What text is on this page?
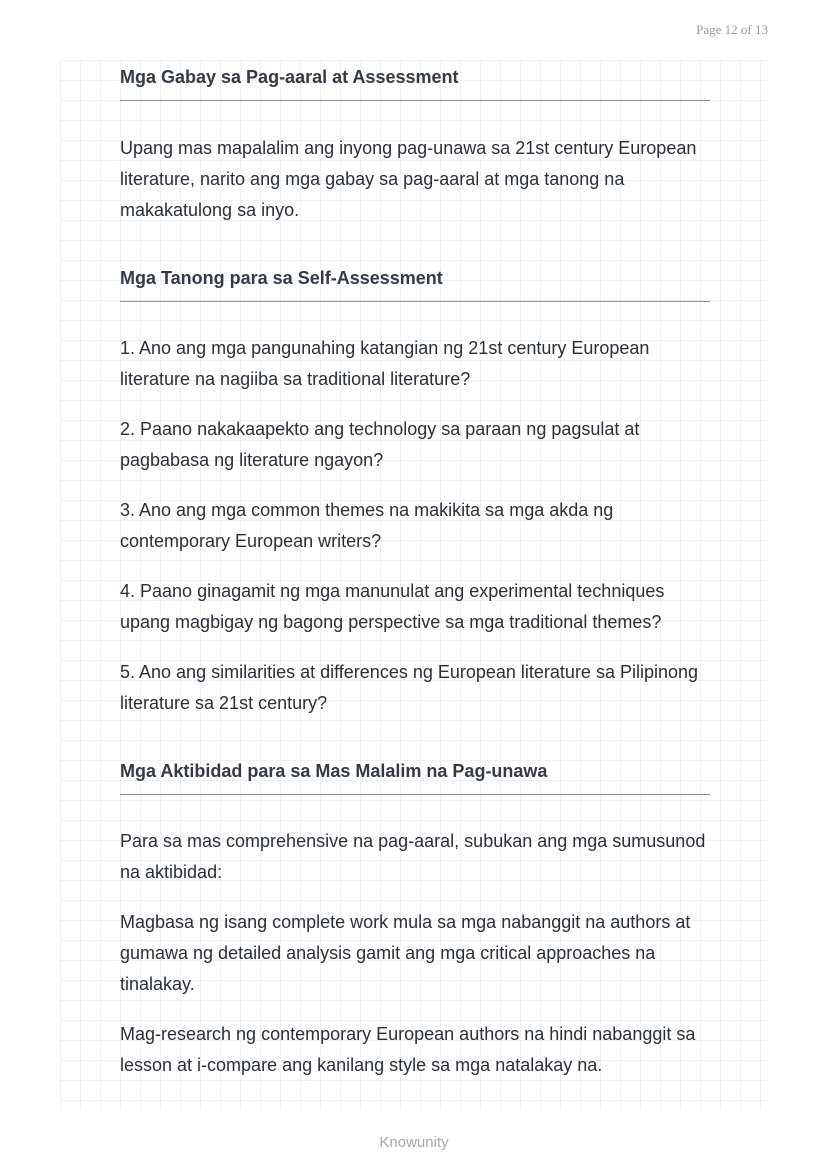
Page 12 of 13
Mga Gabay sa Pag-aaral at Assessment

Upang mas mapalalim ang inyong pag-unawa sa 21st century European literature, narito ang mga gabay sa pag-aaral at mga tanong na makakatulong sa inyo.

Mga Tanong para sa Self-Assessment

1. Ano ang mga pangunahing katangian ng 21st century European literature na nagiiba sa traditional literature?

2. Paano nakakaapekto ang technology sa paraan ng pagsulat at pagbabasa ng literature ngayon?

3. Ano ang mga common themes na makikita sa mga akda ng contemporary European writers?

4. Paano ginagamit ng mga manunulat ang experimental techniques upang magbigay ng bagong perspective sa mga traditional themes?

5. Ano ang similarities at differences ng European literature sa Pilipinong literature sa 21st century?

Mga Aktibidad para sa Mas Malalim na Pag-unawa

Para sa mas comprehensive na pag-aaral, subukan ang mga sumusunod na aktibidad:

Magbasa ng isang complete work mula sa mga nabanggit na authors at gumawa ng detailed analysis gamit ang mga critical approaches na tinalakay.

Mag-research ng contemporary European authors na hindi nabanggit sa lesson at i-compare ang kanilang style sa mga natalakay na.

Knowunity
